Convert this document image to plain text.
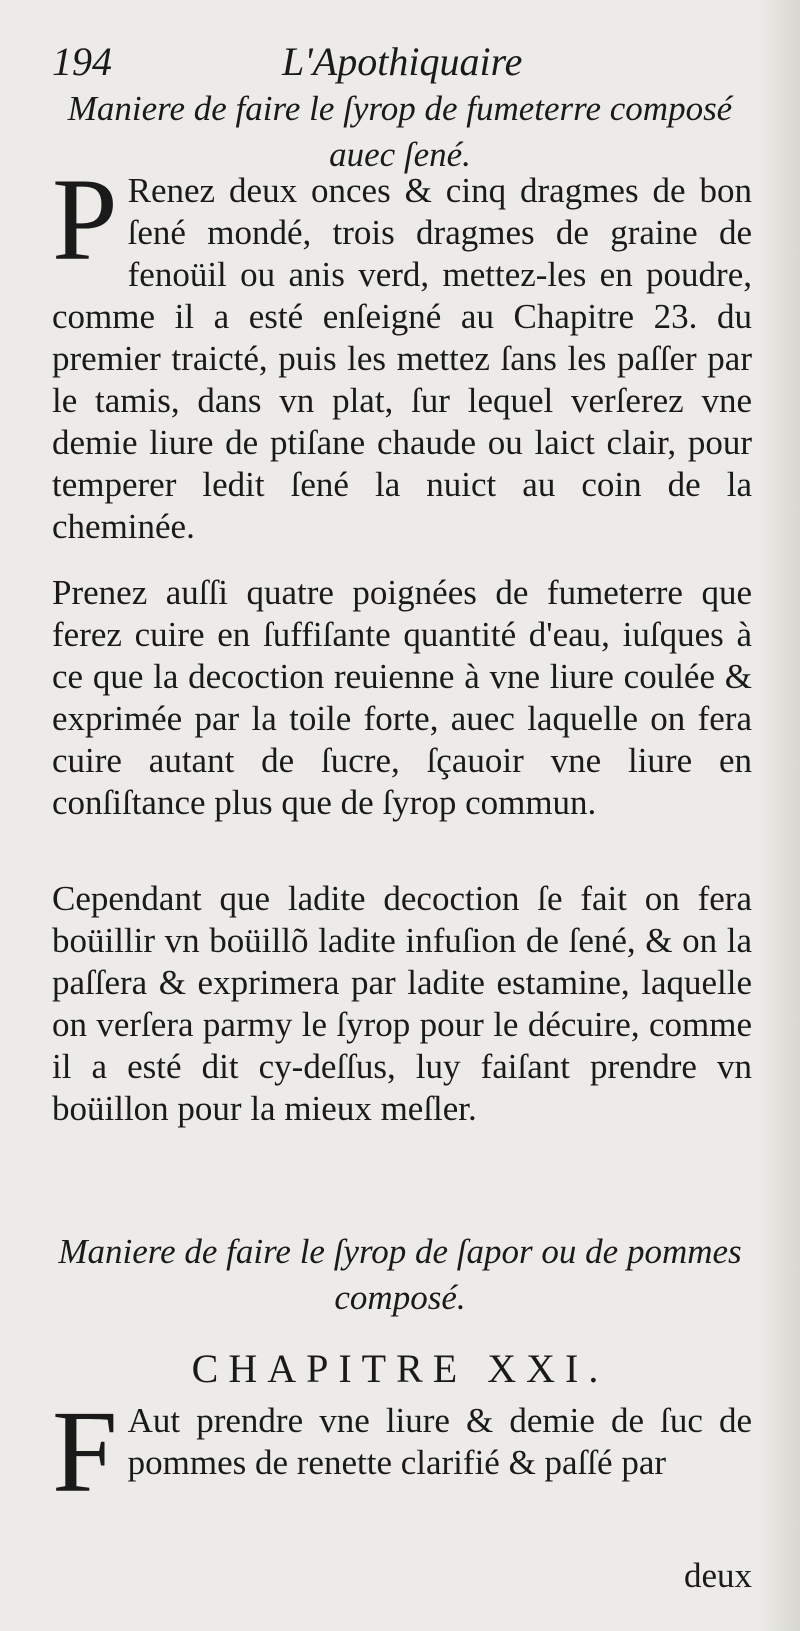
194	L'Apothiquaire
Maniere de faire le ſyrop de fumeterre composé
auec ſené.
P Renez deux onces & cinq dragmes de bon ſené mondé, trois dragmes de graine de fenoüil ou anis verd, mettez-les en poudre, comme il a esté enſeigné au Chapitre 23. du premier traicté, puis les mettez ſans les paſſer par le tamis, dans vn plat, ſur lequel verſerez vne demie liure de ptiſane chaude ou laict clair, pour temperer ledit ſené la nuict au coin de la cheminée.

Prenez auſſi quatre poignées de fumeterre que ferez cuire en ſuffiſante quantité d'eau, iuſques à ce que la decoction reuienne à vne liure coulée & exprimée par la toile forte, auec laquelle on fera cuire autant de ſucre, ſçauoir vne liure en conſiſtance plus que de ſyrop commun.

Cependant que ladite decoction ſe fait on fera boüillir vn boüillõ ladite infuſion de ſené, & on la paſſera & exprimera par ladite estamine, laquelle on verſera parmy le ſyrop pour le décuire, comme il a esté dit cy-deſſus, luy faiſant prendre vn boüillon pour la mieux meſler.

Maniere de faire le ſyrop de ſapor ou de pommes
composé.
CHAPITRE XXI.
F Aut prendre vne liure & demie de ſuc de pommes de renette clarifié & paſſé par

deux
